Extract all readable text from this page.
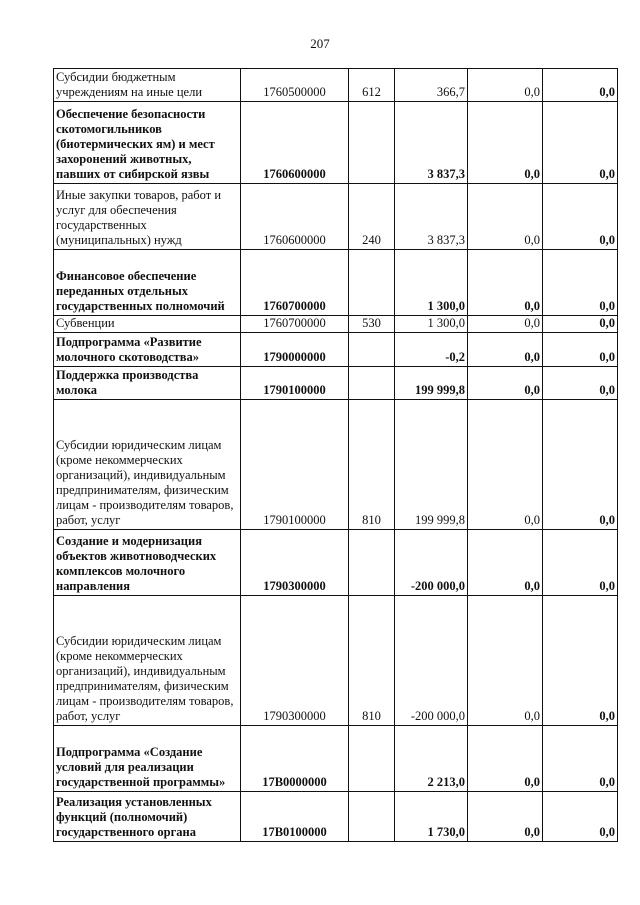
207
Субсидии бюджетным учреждениям на иные цели	1760500000	612	366,7	0,0	0,0
Обеспечение безопасности скотомогильников (биотермических ям) и мест захоронений животных, павших от сибирской язвы	1760600000		3 837,3	0,0	0,0
Иные закупки товаров, работ и услуг для обеспечения государственных (муниципальных) нужд	1760600000	240	3 837,3	0,0	0,0
Финансовое обеспечение переданных отдельных государственных полномочий	1760700000		1 300,0	0,0	0,0
Субвенции	1760700000	530	1 300,0	0,0	0,0
Подпрограмма «Развитие молочного скотоводства»	1790000000		-0,2	0,0	0,0
Поддержка производства молока	1790100000		199 999,8	0,0	0,0
Субсидии юридическим лицам (кроме некоммерческих организаций), индивидуальным предпринимателям, физическим лицам - производителям товаров, работ, услуг	1790100000	810	199 999,8	0,0	0,0
Создание и модернизация объектов животноводческих комплексов молочного направления	1790300000		-200 000,0	0,0	0,0
Субсидии юридическим лицам (кроме некоммерческих организаций), индивидуальным предпринимателям, физическим лицам - производителям товаров, работ, услуг	1790300000	810	-200 000,0	0,0	0,0
Подпрограмма «Создание условий для реализации государственной программы»	17B0000000		2 213,0	0,0	0,0
Реализация установленных функций (полномочий) государственного органа	17B0100000		1 730,0	0,0	0,0
